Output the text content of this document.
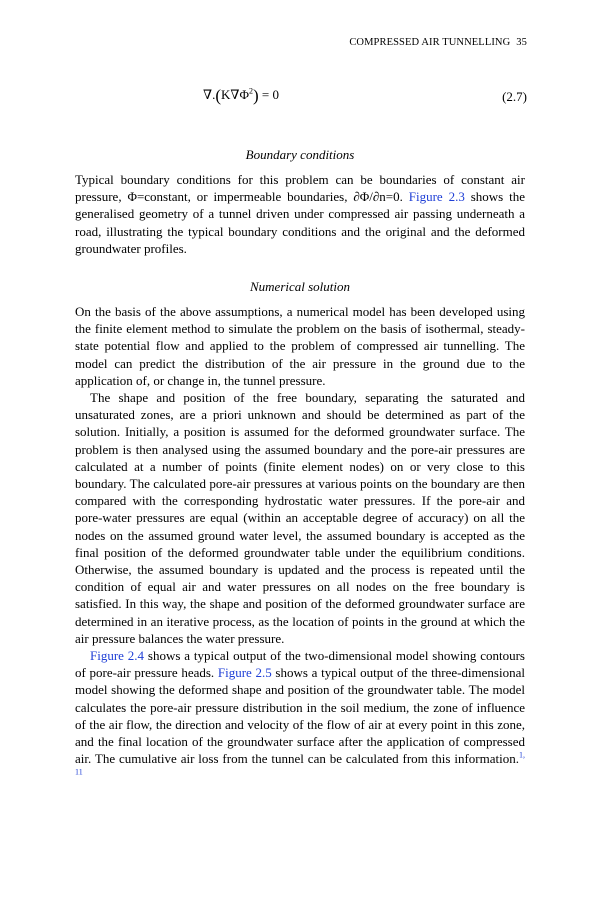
COMPRESSED AIR TUNNELLING 35
$\nabla.(K\nabla\Phi^2) = 0$	(2.7)
Boundary conditions

Typical boundary conditions for this problem can be boundaries of constant air pressure, Φ=constant, or impermeable boundaries, ∂Φ/∂n=0. Figure 2.3 shows the generalised geometry of a tunnel driven under compressed air passing underneath a road, illustrating the typical boundary conditions and the original and the deformed groundwater profiles.

Numerical solution

On the basis of the above assumptions, a numerical model has been developed using the finite element method to simulate the problem on the basis of isothermal, steady-state potential flow and applied to the problem of compressed air tunnelling. The model can predict the distribution of the air pressure in the ground due to the application of, or change in, the tunnel pressure.

The shape and position of the free boundary, separating the saturated and unsaturated zones, are a priori unknown and should be determined as part of the solution. Initially, a position is assumed for the deformed groundwater surface. The problem is then analysed using the assumed boundary and the pore-air pressures are calculated at a number of points (finite element nodes) on or very close to this boundary. The calculated pore-air pressures at various points on the boundary are then compared with the corresponding hydrostatic water pressures. If the pore-air and pore-water pressures are equal (within an acceptable degree of accuracy) on all the nodes on the assumed ground water level, the assumed boundary is accepted as the final position of the deformed groundwater table under the equilibrium conditions. Otherwise, the assumed boundary is updated and the process is repeated until the condition of equal air and water pressures on all nodes on the free boundary is satisfied. In this way, the shape and position of the deformed groundwater surface are determined in an iterative process, as the location of points in the ground at which the air pressure balances the water pressure.

Figure 2.4 shows a typical output of the two-dimensional model showing contours of pore-air pressure heads. Figure 2.5 shows a typical output of the three-dimensional model showing the deformed shape and position of the groundwater table. The model calculates the pore-air pressure distribution in the soil medium, the zone of influence of the air flow, the direction and velocity of the flow of air at every point in this zone, and the final location of the groundwater surface after the application of compressed air. The cumulative air loss from the tunnel can be calculated from this information.$^{1, 11}$
